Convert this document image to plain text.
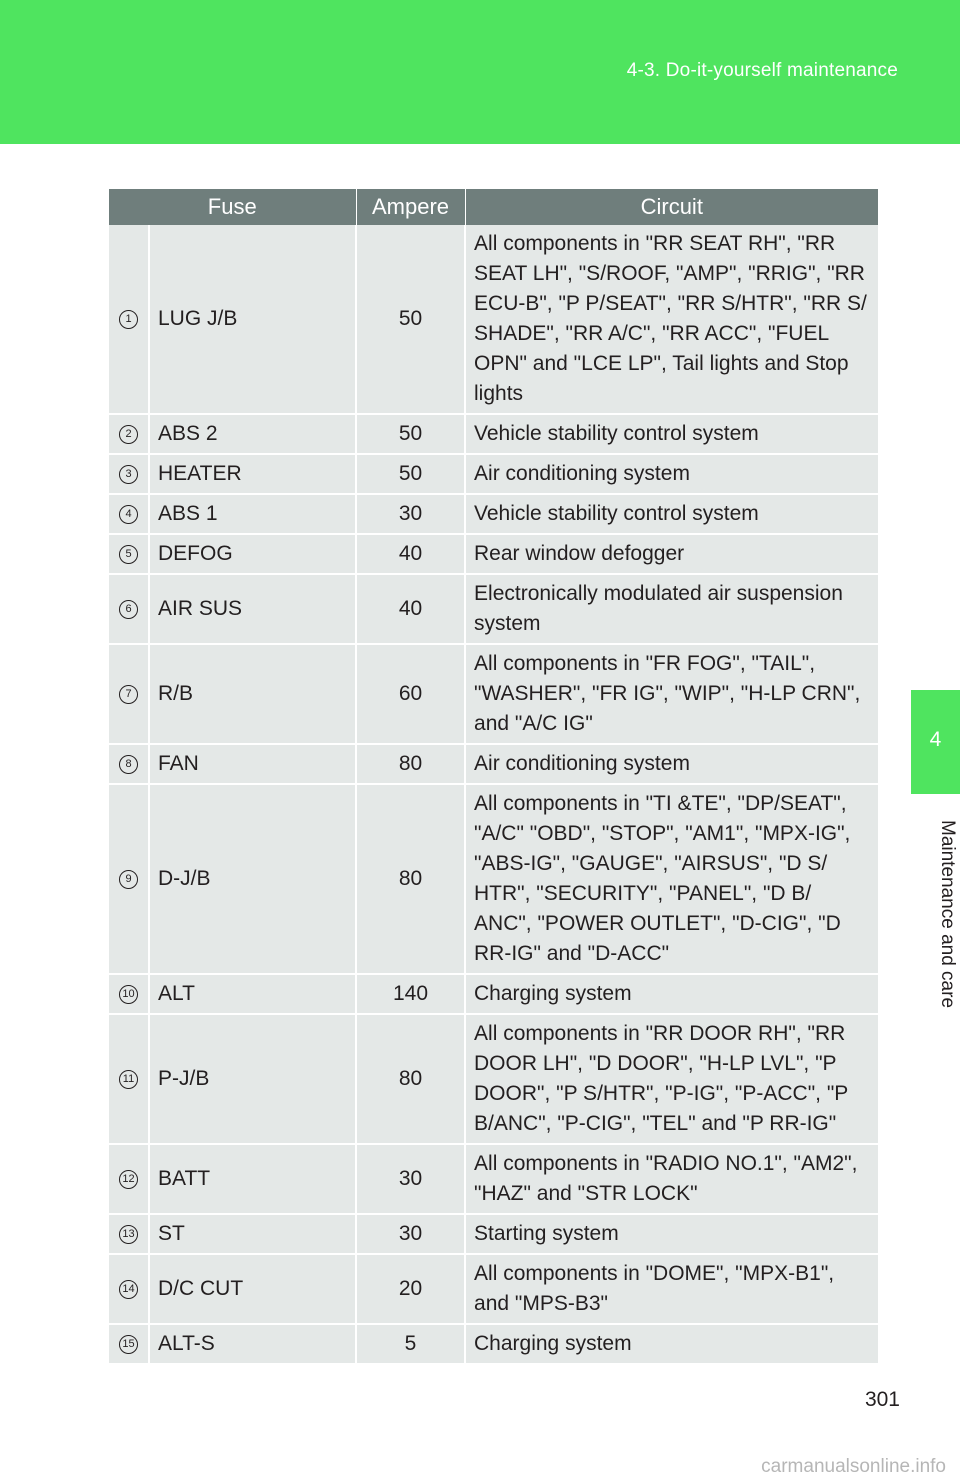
4-3. Do-it-yourself maintenance
4
Maintenance and care
Fuse		Ampere	Circuit
1	LUG J/B	50	All components in "RR SEAT RH", "RR SEAT LH", "S/ROOF, "AMP", "RRIG", "RR ECU-B", "P P/SEAT", "RR S/HTR", "RR S/ SHADE", "RR A/C", "RR ACC", "FUEL OPN" and "LCE LP", Tail lights and Stop lights
2	ABS 2	50	Vehicle stability control system
3	HEATER	50	Air conditioning system
4	ABS 1	30	Vehicle stability control system
5	DEFOG	40	Rear window defogger
6	AIR SUS	40	Electronically modulated air suspension system
7	R/B	60	All components in "FR FOG", "TAIL", "WASHER", "FR IG", "WIP", "H-LP CRN", and "A/C IG"
8	FAN	80	Air conditioning system
9	D-J/B	80	All components in "TI &TE", "DP/SEAT", "A/C" "OBD", "STOP", "AM1", "MPX-IG", "ABS-IG", "GAUGE", "AIRSUS", "D S/ HTR", "SECURITY", "PANEL", "D B/ ANC", "POWER OUTLET", "D-CIG", "D RR-IG" and "D-ACC"
10	ALT	140	Charging system
11	P-J/B	80	All components in "RR DOOR RH", "RR DOOR LH", "D DOOR", "H-LP LVL", "P DOOR", "P S/HTR", "P-IG", "P-ACC", "P B/ANC", "P-CIG", "TEL" and "P RR-IG"
12	BATT	30	All components in "RADIO NO.1", "AM2", "HAZ" and "STR LOCK"
13	ST	30	Starting system
14	D/C CUT	20	All components in "DOME", "MPX-B1", and "MPS-B3"
15	ALT-S	5	Charging system
301
carmanualsonline.info
